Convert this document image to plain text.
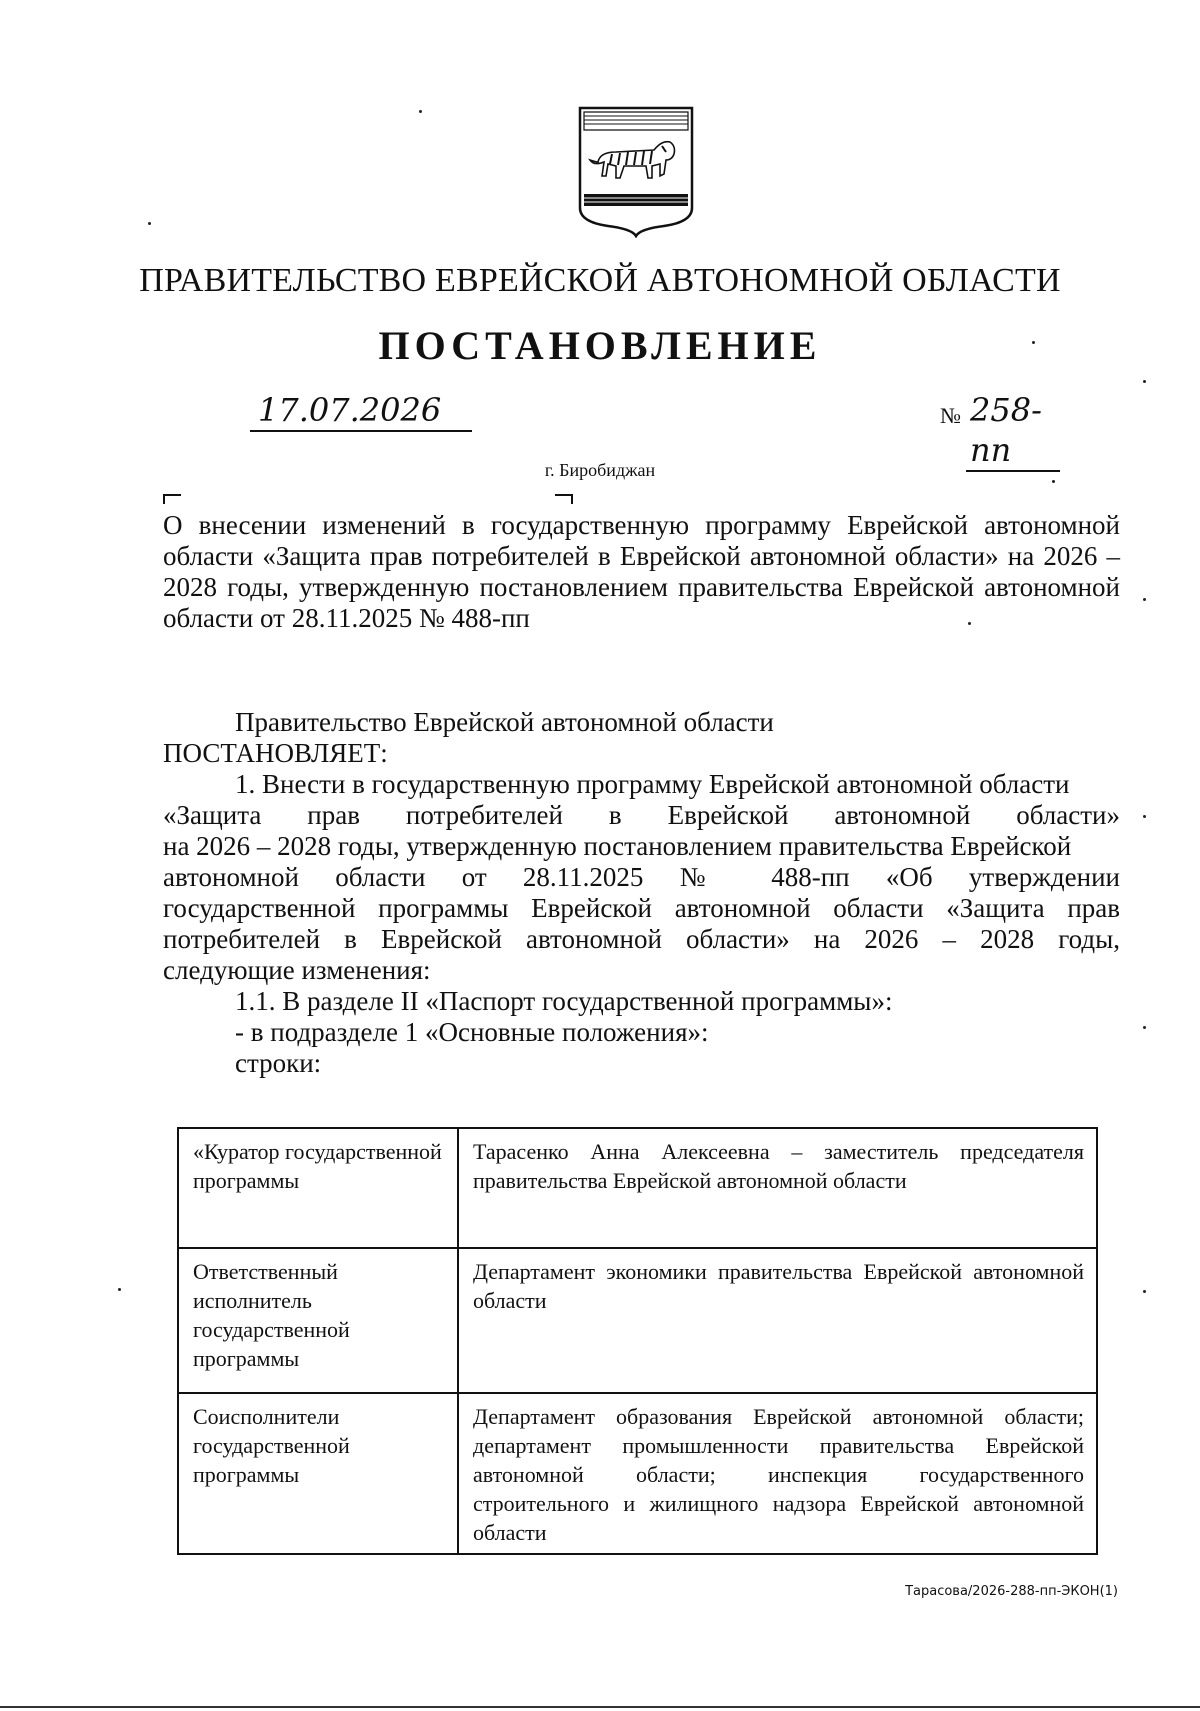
ПРАВИТЕЛЬСТВО ЕВРЕЙСКОЙ АВТОНОМНОЙ ОБЛАСТИ
ПОСТАНОВЛЕНИЕ
17.07.2026	№ 258-пп
г. Биробиджан
О внесении изменений в государственную программу Еврейской автономной области «Защита прав потребителей в Еврейской автономной области» на 2026 – 2028 годы, утвержденную постановлением правительства Еврейской автономной области от 28.11.2025 № 488-пп
Правительство Еврейской автономной области
ПОСТАНОВЛЯЕТ:
1. Внести в государственную программу Еврейской автономной области
«Защита прав потребителей в Еврейской автономной области»
на 2026 – 2028 годы, утвержденную постановлением правительства Еврейской
автономной области от 28.11.2025 № 488-пп «Об утверждении
государственной программы Еврейской автономной области «Защита прав
потребителей в Еврейской автономной области» на 2026 – 2028 годы,
следующие изменения:
1.1. В разделе II «Паспорт государственной программы»:
- в подразделе 1 «Основные положения»:
строки:
«Куратор государственной программы	Тарасенко Анна Алексеевна – заместитель председателя правительства Еврейской автономной области
Ответственный исполнитель государственной программы	Департамент экономики правительства Еврейской автономной области
Соисполнители государственной программы	Департамент образования Еврейской автономной области; департамент промышленности правительства Еврейской автономной области; инспекция государственного строительного и жилищного надзора Еврейской автономной области
Тарасова/2026-288-пп-ЭКОН(1)
